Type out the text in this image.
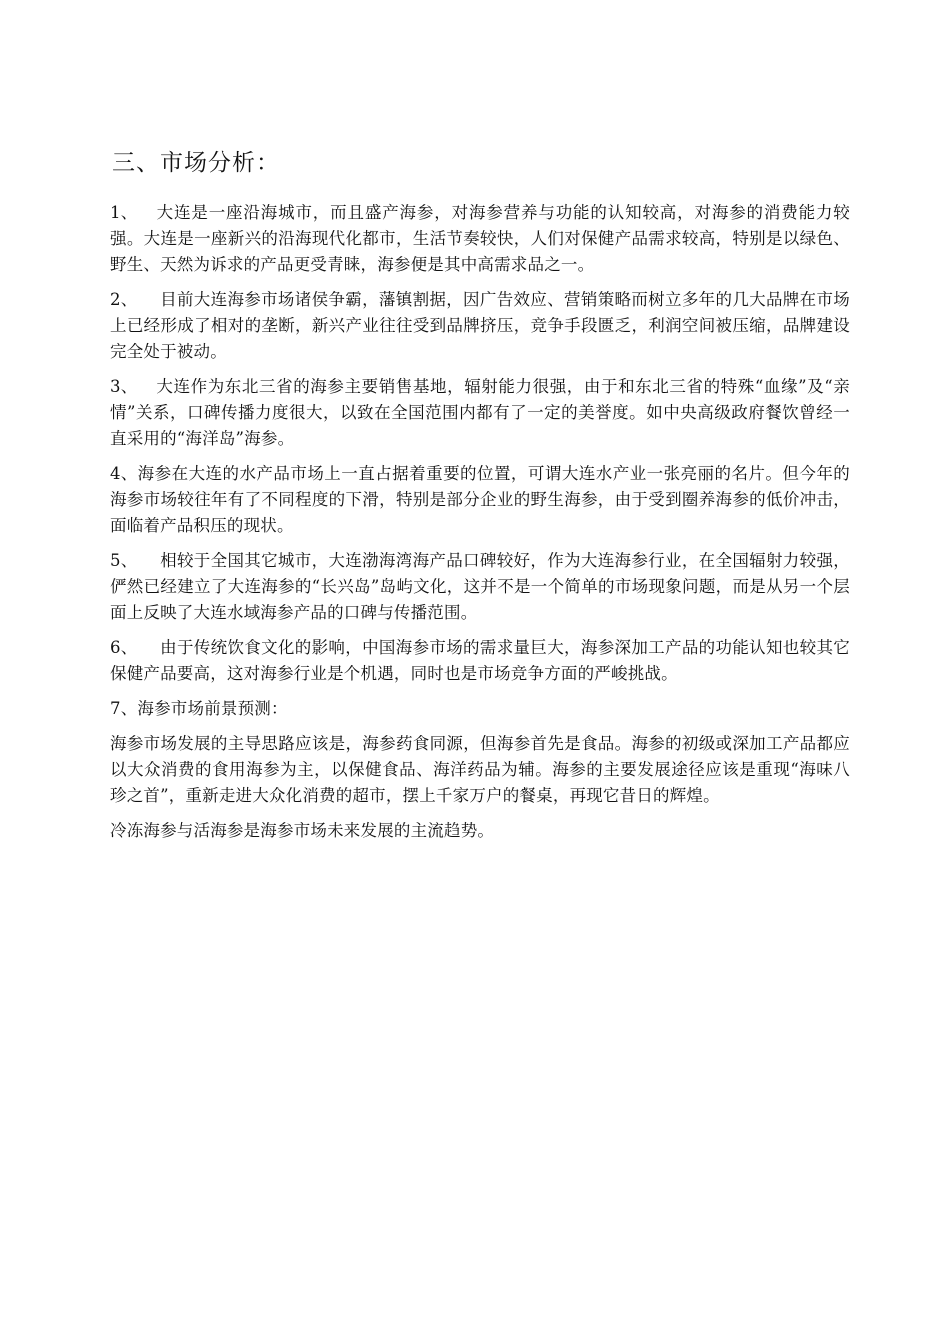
三、市场分析：

1、 大连是一座沿海城市，而且盛产海参，对海参营养与功能的认知较高，对海参的消费能力较强。大连是一座新兴的沿海现代化都市，生活节奏较快，人们对保健产品需求较高，特别是以绿色、野生、天然为诉求的产品更受青睐，海参便是其中高需求品之一。

2、 目前大连海参市场诸侯争霸，藩镇割据，因广告效应、营销策略而树立多年的几大品牌在市场上已经形成了相对的垄断，新兴产业往往受到品牌挤压，竞争手段匮乏，利润空间被压缩，品牌建设完全处于被动。

3、 大连作为东北三省的海参主要销售基地，辐射能力很强，由于和东北三省的特殊“血缘”及“亲情”关系，口碑传播力度很大，以致在全国范围内都有了一定的美誉度。如中央高级政府餐饮曾经一直采用的“海洋岛”海参。

4、海参在大连的水产品市场上一直占据着重要的位置，可谓大连水产业一张亮丽的名片。但今年的海参市场较往年有了不同程度的下滑，特别是部分企业的野生海参，由于受到圈养海参的低价冲击，面临着产品积压的现状。

5、 相较于全国其它城市，大连渤海湾海产品口碑较好，作为大连海参行业，在全国辐射力较强，俨然已经建立了大连海参的“长兴岛”岛屿文化，这并不是一个简单的市场现象问题，而是从另一个层面上反映了大连水域海参产品的口碑与传播范围。

6、 由于传统饮食文化的影响，中国海参市场的需求量巨大，海参深加工产品的功能认知也较其它保健产品要高，这对海参行业是个机遇，同时也是市场竞争方面的严峻挑战。

7、海参市场前景预测：

海参市场发展的主导思路应该是，海参药食同源，但海参首先是食品。海参的初级或深加工产品都应以大众消费的食用海参为主，以保健食品、海洋药品为辅。海参的主要发展途径应该是重现“海味八珍之首”，重新走进大众化消费的超市，摆上千家万户的餐桌，再现它昔日的辉煌。

冷冻海参与活海参是海参市场未来发展的主流趋势。
